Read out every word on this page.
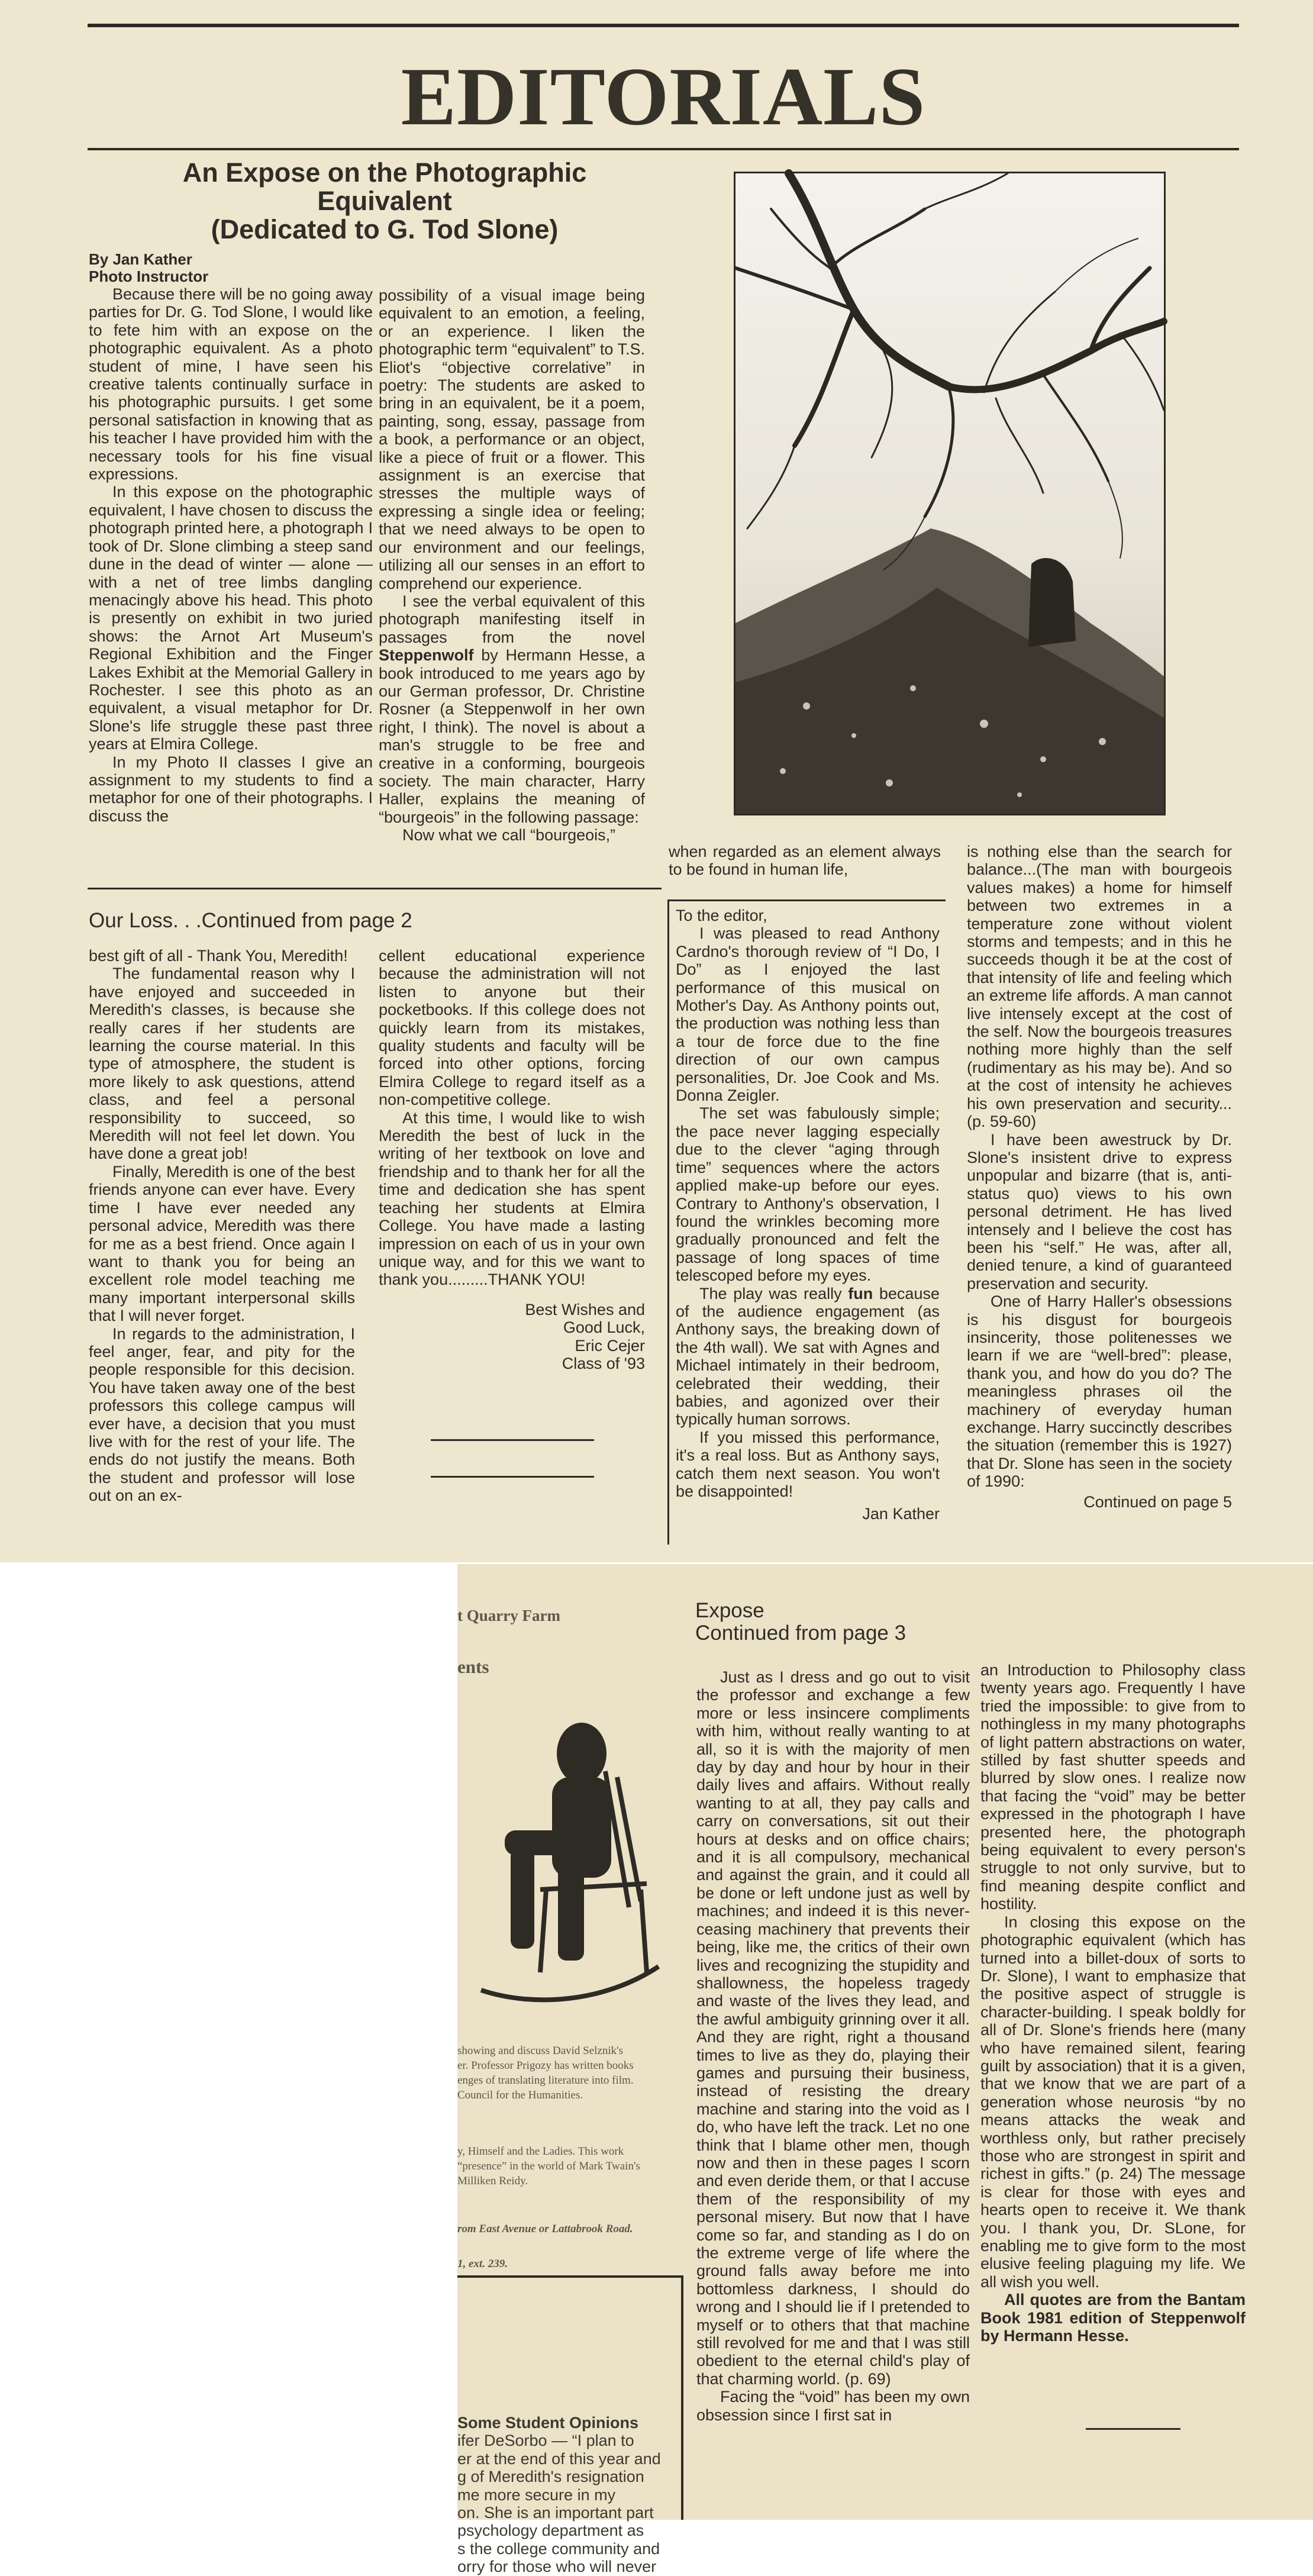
EDITORIALS
An Expose on the Photographic
Equivalent
(Dedicated to G. Tod Slone)
By Jan Kather
Photo Instructor

Because there will be no going away parties for Dr. G. Tod Slone, I would like to fete him with an expose on the photographic equivalent. As a photo student of mine, I have seen his creative talents continually surface in his photographic pursuits. I get some personal satisfaction in knowing that as his teacher I have provided him with the necessary tools for his fine visual expressions.

In this expose on the photographic equivalent, I have chosen to discuss the photograph printed here, a photograph I took of Dr. Slone climbing a steep sand dune in the dead of winter — alone — with a net of tree limbs dangling menacingly above his head. This photo is presently on exhibit in two juried shows: the Arnot Art Museum's Regional Exhibition and the Finger Lakes Exhibit at the Memorial Gallery in Rochester. I see this photo as an equivalent, a visual metaphor for Dr. Slone's life struggle these past three years at Elmira College.

In my Photo II classes I give an assignment to my students to find a metaphor for one of their photographs. I discuss the

possibility of a visual image being equivalent to an emotion, a feeling, or an experience. I liken the photographic term “equivalent” to T.S. Eliot's “objective correlative” in poetry: The students are asked to bring in an equivalent, be it a poem, painting, song, essay, passage from a book, a performance or an object, like a piece of fruit or a flower. This assignment is an exercise that stresses the multiple ways of expressing a single idea or feeling; that we need always to be open to our environment and our feelings, utilizing all our senses in an effort to comprehend our experience.

I see the verbal equivalent of this photograph manifesting itself in passages from the novel Steppenwolf by Hermann Hesse, a book introduced to me years ago by our German professor, Dr. Christine Rosner (a Steppenwolf in her own right, I think). The novel is about a man's struggle to be free and creative in a conforming, bourgeois society. The main character, Harry Haller, explains the meaning of “bourgeois” in the following passage:

Now what we call “bourgeois,”

when regarded as an element always to be found in human life,

is nothing else than the search for balance...(The man with bourgeois values makes) a home for himself between two extremes in a temperature zone without violent storms and tempests; and in this he succeeds though it be at the cost of that intensity of life and feeling which an extreme life affords. A man cannot live intensely except at the cost of the self. Now the bourgeois treasures nothing more highly than the self (rudimentary as his may be). And so at the cost of intensity he achieves his own preservation and security...(p. 59-60)

I have been awestruck by Dr. Slone's insistent drive to express unpopular and bizarre (that is, anti-status quo) views to his own personal detriment. He has lived intensely and I believe the cost has been his “self.” He was, after all, denied tenure, a kind of guaranteed preservation and security.

One of Harry Haller's obsessions is his disgust for bourgeois insincerity, those politenesses we learn if we are “well-bred”: please, thank you, and how do you do? The meaningless phrases oil the machinery of everyday human exchange. Harry succinctly describes the situation (remember this is 1927) that Dr. Slone has seen in the society of 1990:

Continued on page 5
Our Loss. . .Continued from page 2

best gift of all - Thank You, Meredith!

The fundamental reason why I have enjoyed and succeeded in Meredith's classes, is because she really cares if her students are learning the course material. In this type of atmosphere, the student is more likely to ask questions, attend class, and feel a personal responsibility to succeed, so Meredith will not feel let down. You have done a great job!

Finally, Meredith is one of the best friends anyone can ever have. Every time I have ever needed any personal advice, Meredith was there for me as a best friend. Once again I want to thank you for being an excellent role model teaching me many important interpersonal skills that I will never forget.

In regards to the administration, I feel anger, fear, and pity for the people responsible for this decision. You have taken away one of the best professors this college campus will ever have, a decision that you must live with for the rest of your life. The ends do not justify the means. Both the student and professor will lose out on an ex-

cellent educational experience because the administration will not listen to anyone but their pocketbooks. If this college does not quickly learn from its mistakes, quality students and faculty will be forced into other options, forcing Elmira College to regard itself as a non-competitive college.

At this time, I would like to wish Meredith the best of luck in the writing of her textbook on love and friendship and to thank her for all the time and dedication she has spent teaching her students at Elmira College. You have made a lasting impression on each of us in your own unique way, and for this we want to thank you.........THANK YOU!

Best Wishes and
Good Luck,
Eric Cejer
Class of '93

To the editor,

I was pleased to read Anthony Cardno's thorough review of “I Do, I Do” as I enjoyed the last performance of this musical on Mother's Day. As Anthony points out, the production was nothing less than a tour de force due to the fine direction of our own campus personalities, Dr. Joe Cook and Ms. Donna Zeigler.

The set was fabulously simple; the pace never lagging especially due to the clever “aging through time” sequences where the actors applied make-up before our eyes. Contrary to Anthony's observation, I found the wrinkles becoming more gradually pronounced and felt the passage of long spaces of time telescoped before my eyes.

The play was really fun because of the audience engagement (as Anthony says, the breaking down of the 4th wall). We sat with Agnes and Michael intimately in their bedroom, celebrated their wedding, their babies, and agonized over their typically human sorrows.

If you missed this performance, it's a real loss. But as Anthony says, catch them next season. You won't be disappointed!

Jan Kather
t Quarry Farm
ents
showing and discuss David Selznik's
er. Professor Prigozy has written books
enges of translating literature into film.
Council for the Humanities.
y, Himself and the Ladies. This work
“presence” in the world of Mark Twain's
Milliken Reidy.
rom East Avenue or Lattabrook Road.
1, ext. 239.
Some Student Opinions
ifer DeSorbo — “I plan to
er at the end of this year and
g of Meredith's resignation
me more secure in my
on. She is an important part
psychology department as
s the college community and
orry for those who will never
Expose
Continued from page 3

Just as I dress and go out to visit the professor and exchange a few more or less insincere compliments with him, without really wanting to at all, so it is with the majority of men day by day and hour by hour in their daily lives and affairs. Without really wanting to at all, they pay calls and carry on conversations, sit out their hours at desks and on office chairs; and it is all compulsory, mechanical and against the grain, and it could all be done or left undone just as well by machines; and indeed it is this never-ceasing machinery that prevents their being, like me, the critics of their own lives and recognizing the stupidity and shallowness, the hopeless tragedy and waste of the lives they lead, and the awful ambiguity grinning over it all. And they are right, right a thousand times to live as they do, playing their games and pursuing their business, instead of resisting the dreary machine and staring into the void as I do, who have left the track. Let no one think that I blame other men, though now and then in these pages I scorn and even deride them, or that I accuse them of the responsibility of my personal misery. But now that I have come so far, and standing as I do on the extreme verge of life where the ground falls away before me into bottomless darkness, I should do wrong and I should lie if I pretended to myself or to others that that machine still revolved for me and that I was still obedient to the eternal child's play of that charming world. (p. 69)

Facing the “void” has been my own obsession since I first sat in

an Introduction to Philosophy class twenty years ago. Frequently I have tried the impossible: to give from to nothingless in my many photographs of light pattern abstractions on water, stilled by fast shutter speeds and blurred by slow ones. I realize now that facing the “void” may be better expressed in the photograph I have presented here, the photograph being equivalent to every person's struggle to not only survive, but to find meaning despite conflict and hostility.

In closing this expose on the photographic equivalent (which has turned into a billet-doux of sorts to Dr. Slone), I want to emphasize that the positive aspect of struggle is character-building. I speak boldly for all of Dr. Slone's friends here (many who have remained silent, fearing guilt by association) that it is a given, that we know that we are part of a generation whose neurosis “by no means attacks the weak and worthless only, but rather precisely those who are strongest in spirit and richest in gifts.” (p. 24) The message is clear for those with eyes and hearts open to receive it. We thank you. I thank you, Dr. SLone, for enabling me to give form to the most elusive feeling plaguing my life. We all wish you well.

All quotes are from the Bantam Book 1981 edition of Steppenwolf by Hermann Hesse.
